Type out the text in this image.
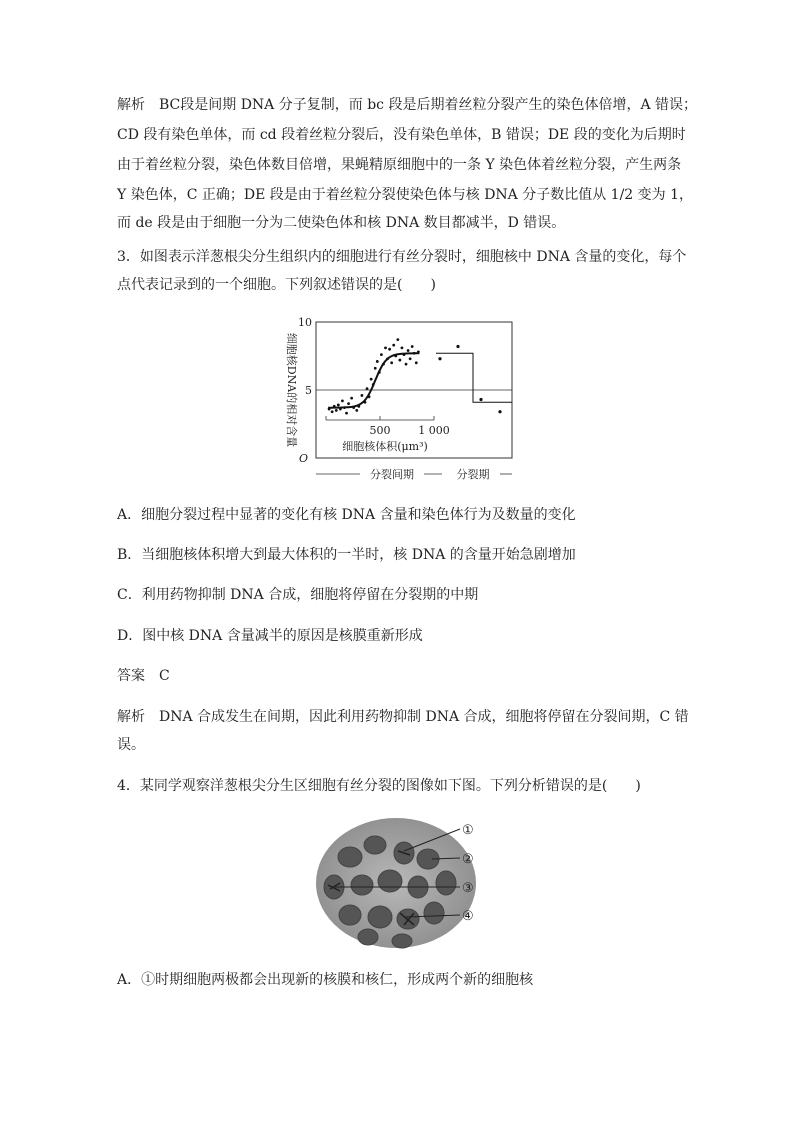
解析　 BC段是间期 DNA 分子复制，而 bc 段是后期着丝粒分裂产生的染色体倍增，A 错误；
CD 段有染色单体，而 cd 段着丝粒分裂后，没有染色单体，B 错误；DE 段的变化为后期时
由于着丝粒分裂，染色体数目倍增，果蝇精原细胞中的一条 Y 染色体着丝粒分裂，产生两条
Y 染色体，C 正确；DE 段是由于着丝粒分裂使染色体与核 DNA 分子数比值从 1/2 变为 1，
而 de 段是由于细胞一分为二使染色体和核 DNA 数目都减半，D 错误。
3．如图表示洋葱根尖分生组织内的细胞进行有丝分裂时，细胞核中 DNA 含量的变化，每个
点代表记录到的一个细胞。下列叙述错误的是(　　)
10
5
O
细胞核DNA的相对含量	500	1 000
细胞核体积(μm³)
分裂间期	分裂期
A．细胞分裂过程中显著的变化有核 DNA 含量和染色体行为及数量的变化
B．当细胞核体积增大到最大体积的一半时，核 DNA 的含量开始急剧增加
C．利用药物抑制 DNA 合成，细胞将停留在分裂期的中期
D．图中核 DNA 含量减半的原因是核膜重新形成
答案　 C
解析　 DNA 合成发生在间期，因此利用药物抑制 DNA 合成，细胞将停留在分裂间期，C 错
误。
4．某同学观察洋葱根尖分生区细胞有丝分裂的图像如下图。下列分析错误的是(　　)
①
②
③
④
A．①时期细胞两极都会出现新的核膜和核仁，形成两个新的细胞核
